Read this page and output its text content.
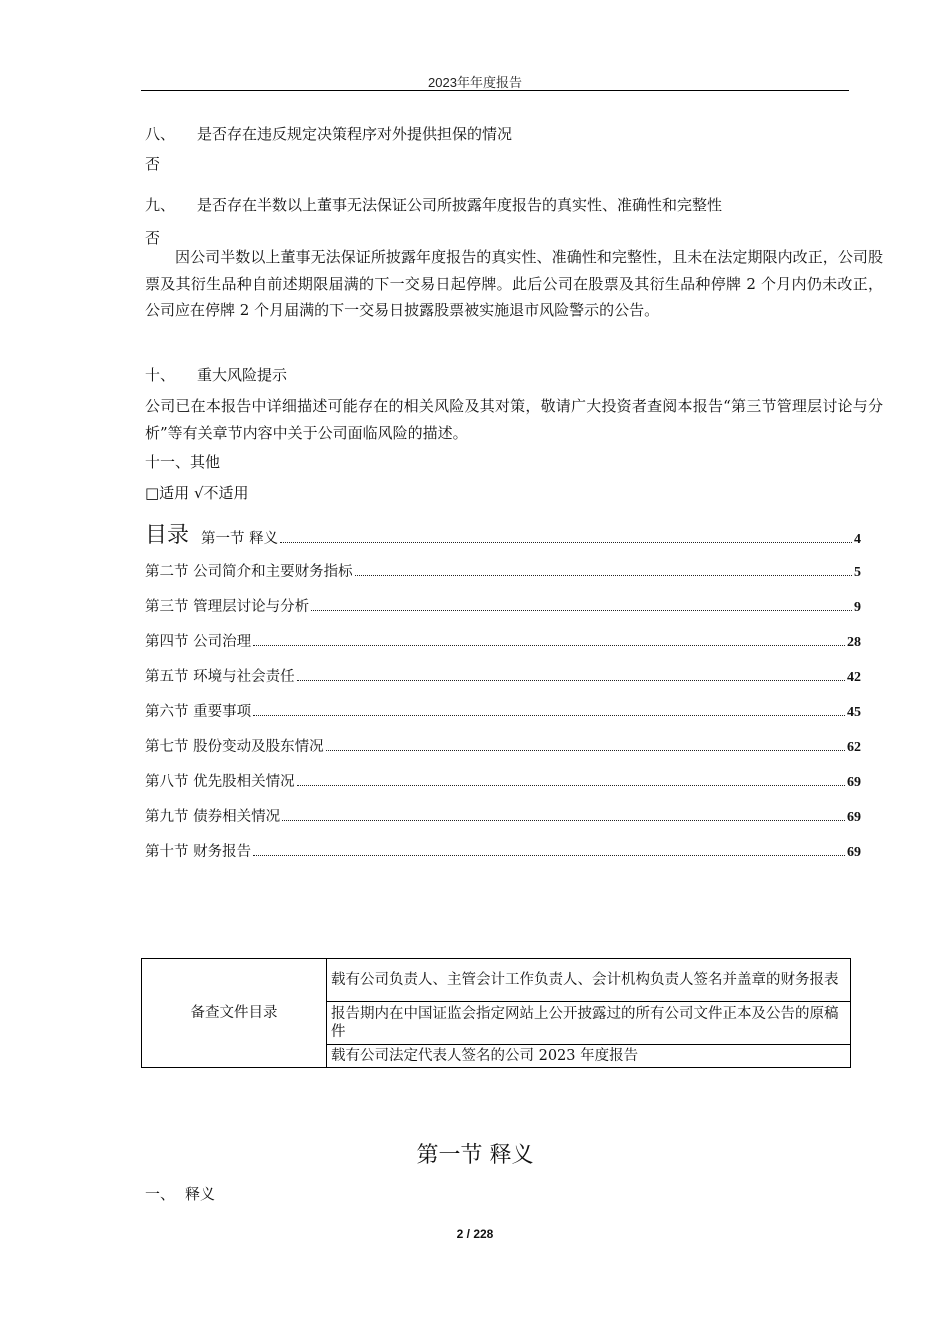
2023年年度报告
八、 是否存在违反规定决策程序对外提供担保的情况
否
九、 是否存在半数以上董事无法保证公司所披露年度报告的真实性、准确性和完整性
否
因公司半数以上董事无法保证所披露年度报告的真实性、准确性和完整性，且未在法定期限内改正，公司股票及其衍生品种自前述期限届满的下一交易日起停牌。此后公司在股票及其衍生品种停牌 2 个月内仍未改正，公司应在停牌 2 个月届满的下一交易日披露股票被实施退市风险警示的公告。
十、 重大风险提示
公司已在本报告中详细描述可能存在的相关风险及其对策，敬请广大投资者查阅本报告“第三节管理层讨论与分析”等有关章节内容中关于公司面临风险的描述。
十一、其他
□适用 √不适用
目录 第一节 释义	4
第二节 公司简介和主要财务指标	5
第三节 管理层讨论与分析	9
第四节 公司治理	28
第五节 环境与社会责任	42
第六节 重要事项	45
第七节 股份变动及股东情况	62
第八节 优先股相关情况	69
第九节 债券相关情况	69
第十节 财务报告	69
备查文件目录	载有公司负责人、主管会计工作负责人、会计机构负责人签名并盖章的财务报表
报告期内在中国证监会指定网站上公开披露过的所有公司文件正本及公告的原稿件
载有公司法定代表人签名的公司 2023 年度报告
第一节 释义
一、 释义
2 / 228
